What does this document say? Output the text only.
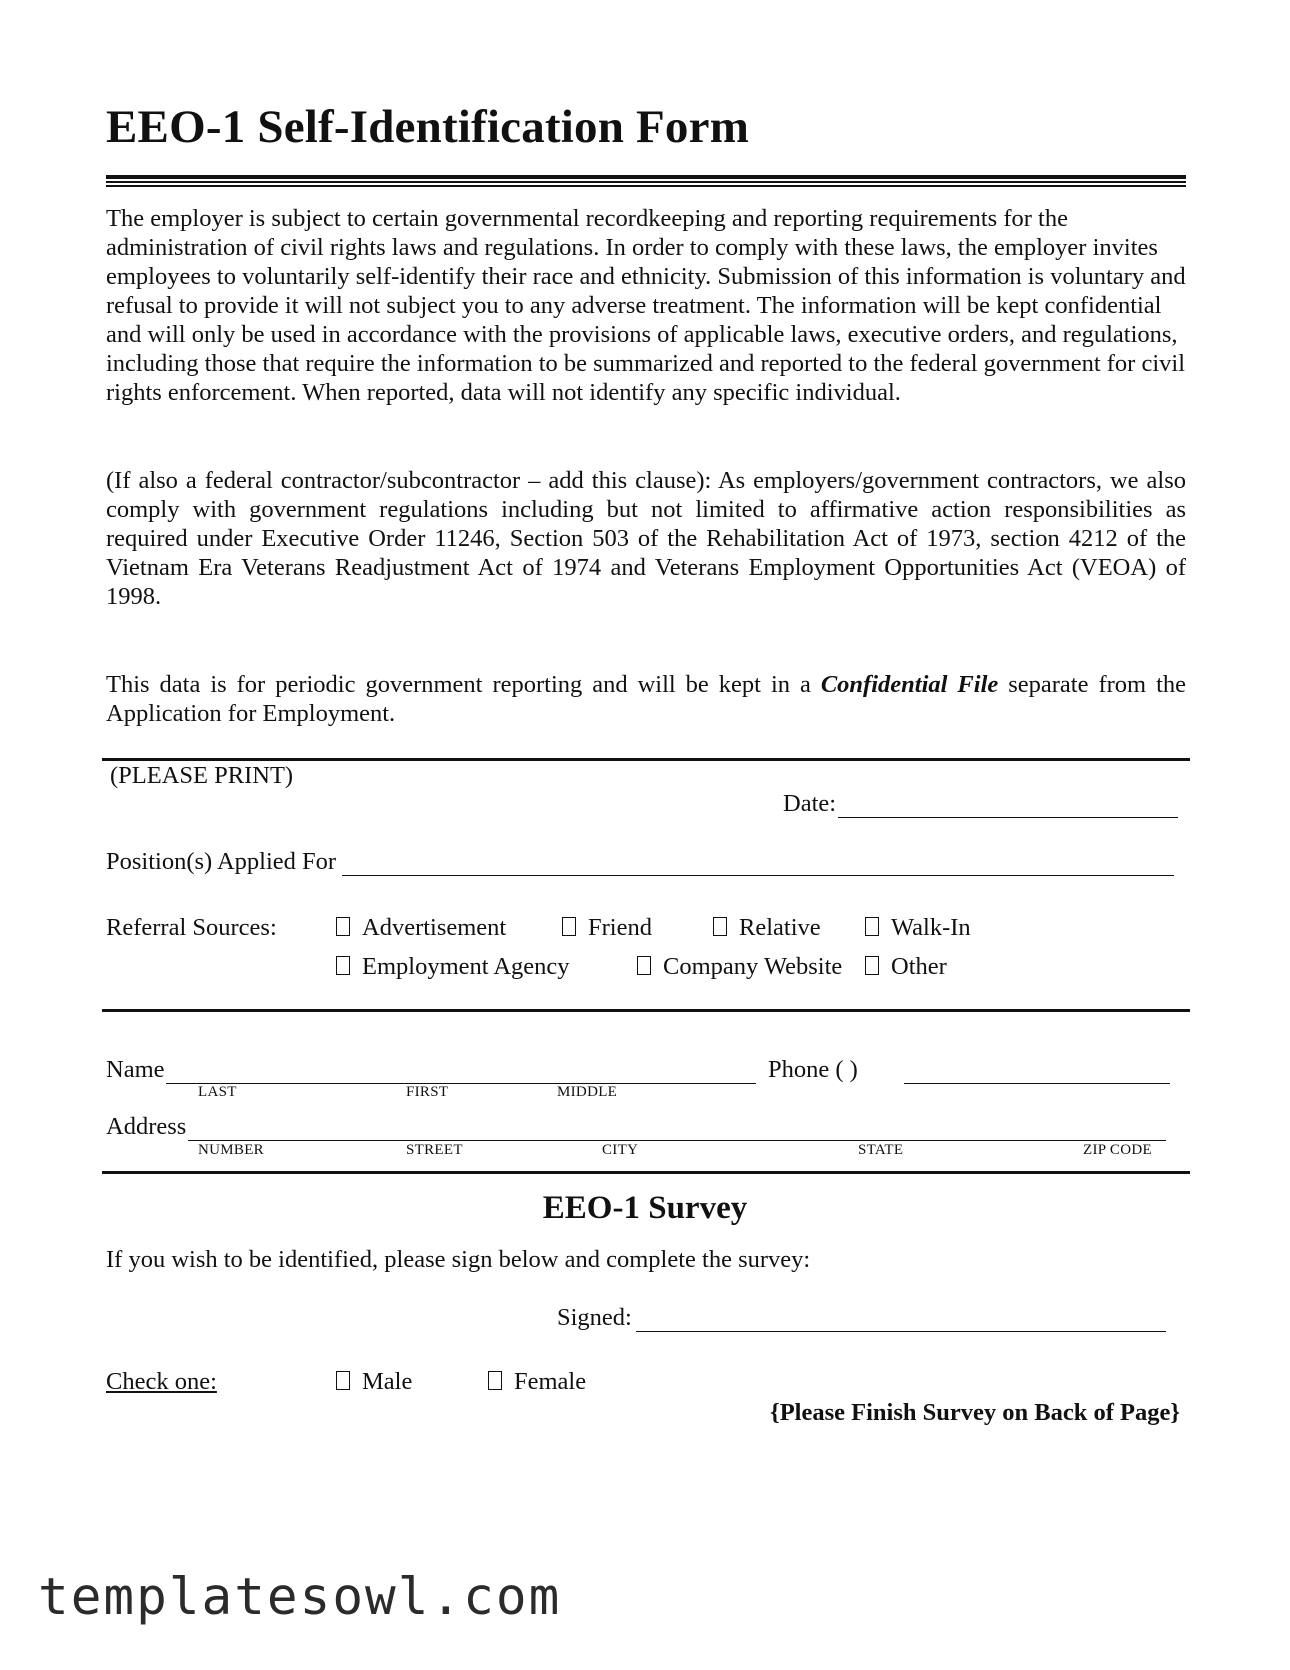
EEO-1 Self-Identification Form
The employer is subject to certain governmental recordkeeping and reporting requirements for the administration of civil rights laws and regulations. In order to comply with these laws, the employer invites employees to voluntarily self-identify their race and ethnicity. Submission of this information is voluntary and refusal to provide it will not subject you to any adverse treatment. The information will be kept confidential and will only be used in accordance with the provisions of applicable laws, executive orders, and regulations, including those that require the information to be summarized and reported to the federal government for civil rights enforcement. When reported, data will not identify any specific individual.
(If also a federal contractor/subcontractor – add this clause): As employers/government contractors, we also comply with government regulations including but not limited to affirmative action responsibilities as required under Executive Order 11246, Section 503 of the Rehabilitation Act of 1973, section 4212 of the Vietnam Era Veterans Readjustment Act of 1974 and Veterans Employment Opportunities Act (VEOA) of 1998.
This data is for periodic government reporting and will be kept in a Confidential File separate from the Application for Employment.
(PLEASE PRINT)
Date:
Position(s) Applied For
Referral Sources:	Advertisement	Friend	Relative	Walk-In
Employment Agency	Company Website	Other
Name
LAST	FIRST	MIDDLE
Phone ( )
Address
NUMBER	STREET	CITY	STATE	ZIP CODE
EEO-1 Survey
If you wish to be identified, please sign below and complete the survey:
Signed:
Check one:	Male	Female
{Please Finish Survey on Back of Page}
templatesowl.com
